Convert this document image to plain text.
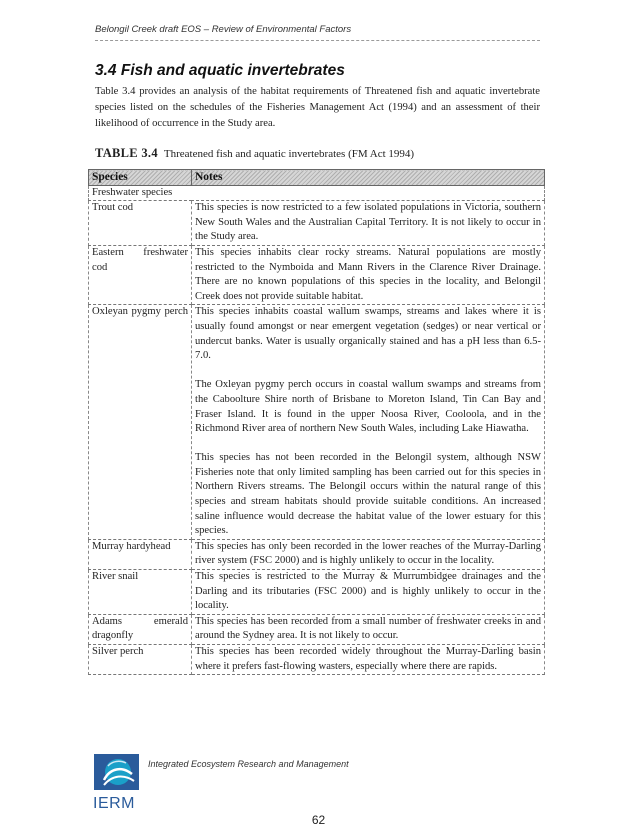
Belongil Creek draft EOS – Review of Environmental Factors
3.4 Fish and aquatic invertebrates

Table 3.4 provides an analysis of the habitat requirements of Threatened fish and aquatic invertebrate species listed on the schedules of the Fisheries Management Act (1994) and an assessment of their likelihood of occurrence in the Study area.

TABLE 3.4 Threatened fish and aquatic invertebrates (FM Act 1994)

Species	Notes
Freshwater species	
Trout cod	This species is now restricted to a few isolated populations in Victoria, southern New South Wales and the Australian Capital Territory. It is not likely to occur in the Study area.

Eastern freshwater cod	This species inhabits clear rocky streams. Natural populations are mostly restricted to the Nymboida and Mann Rivers in the Clarence River Drainage. There are no known populations of this species in the locality, and Belongil Creek does not provide suitable habitat.

Oxleyan pygmy perch	This species inhabits coastal wallum swamps, streams and lakes where it is usually found amongst or near emergent vegetation (sedges) or near vertical or undercut banks. Water is usually organically stained and has a pH less than 6.5-7.0.

The Oxleyan pygmy perch occurs in coastal wallum swamps and streams from the Caboolture Shire north of Brisbane to Moreton Island, Tin Can Bay and Fraser Island. It is found in the upper Noosa River, Cooloola, and in the Richmond River area of northern New South Wales, including Lake Hiawatha.

This species has not been recorded in the Belongil system, although NSW Fisheries note that only limited sampling has been carried out for this species in Northern Rivers streams. The Belongil occurs within the natural range of this species and stream habitats should provide suitable conditions. An increased saline influence would decrease the habitat value of the lower estuary for this species.

Murray hardyhead	This species has only been recorded in the lower reaches of the Murray-Darling river system (FSC 2000) and is highly unlikely to occur in the locality.

River snail	This species is restricted to the Murray & Murrumbidgee drainages and the Darling and its tributaries (FSC 2000) and is highly unlikely to occur in the locality.

Adams emerald dragonfly	This species has been recorded from a small number of freshwater creeks in and around the Sydney area. It is not likely to occur.

Silver perch	This species has been recorded widely throughout the Murray-Darling basin where it prefers fast-flowing wasters, especially where there are rapids.

IERM
Integrated Ecosystem Research and Management
62
